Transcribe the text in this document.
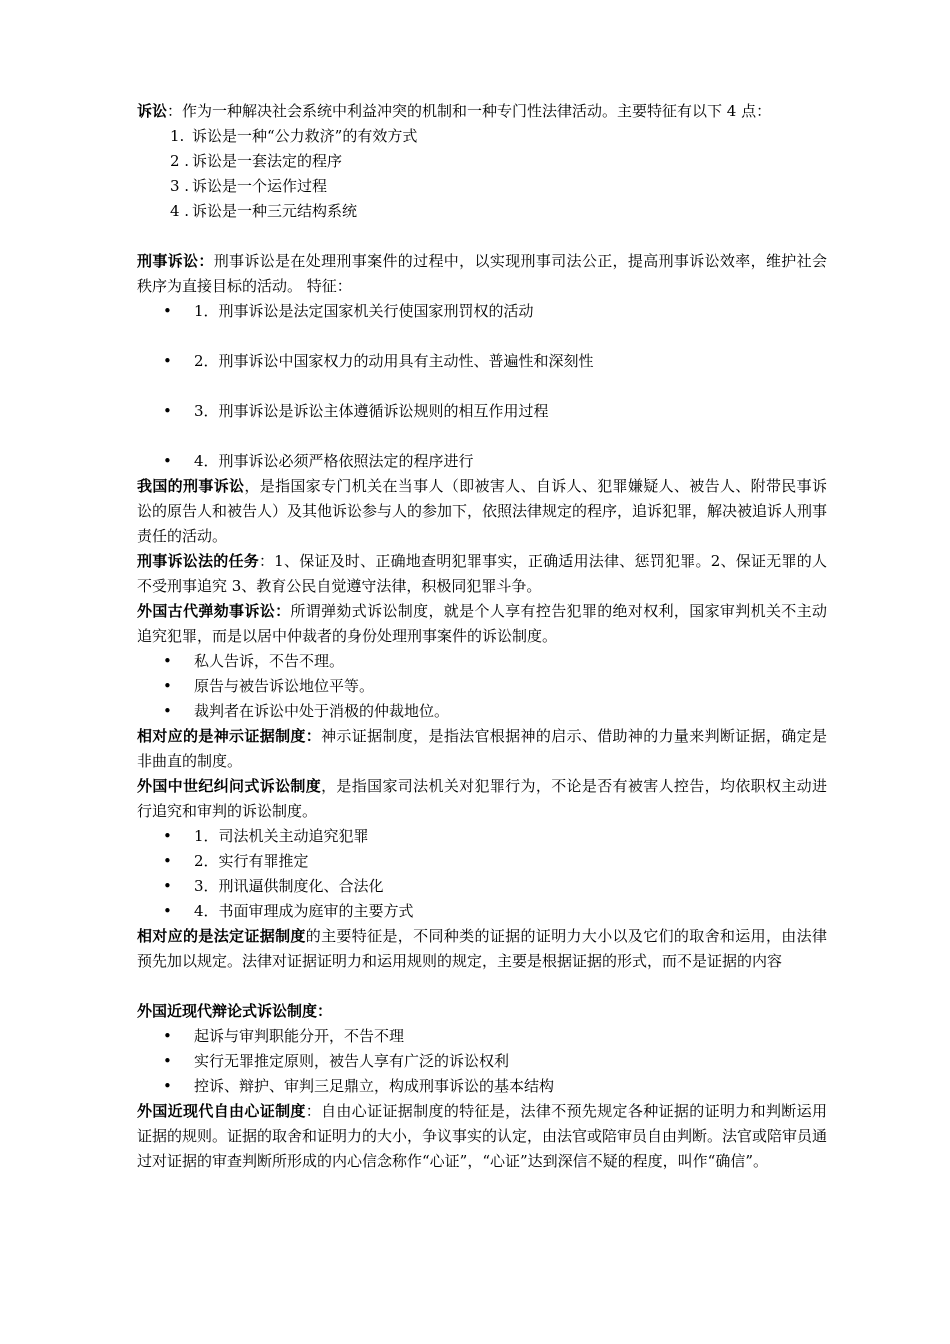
诉讼：作为一种解决社会系统中利益冲突的机制和一种专门性法律活动。主要特征有以下 4 点：

1. 诉讼是一种“公力救济”的有效方式
2 . 诉讼是一套法定的程序
3 . 诉讼是一个运作过程
4 . 诉讼是一种三元结构系统

刑事诉讼：刑事诉讼是在处理刑事案件的过程中，以实现刑事司法公正，提高刑事诉讼效率，维护社会秩序为直接目标的活动。 特征：

• 1．刑事诉讼是法定国家机关行使国家刑罚权的活动
• 2．刑事诉讼中国家权力的动用具有主动性、普遍性和深刻性
• 3．刑事诉讼是诉讼主体遵循诉讼规则的相互作用过程
• 4．刑事诉讼必须严格依照法定的程序进行

我国的刑事诉讼，是指国家专门机关在当事人（即被害人、自诉人、犯罪嫌疑人、被告人、附带民事诉讼的原告人和被告人）及其他诉讼参与人的参加下，依照法律规定的程序，追诉犯罪，解决被追诉人刑事责任的活动。

刑事诉讼法的任务：1、保证及时、正确地查明犯罪事实，正确适用法律、惩罚犯罪。2、保证无罪的人不受刑事追究 3、教育公民自觉遵守法律，积极同犯罪斗争。

外国古代弹劾事诉讼：所谓弹劾式诉讼制度，就是个人享有控告犯罪的绝对权利，国家审判机关不主动追究犯罪，而是以居中仲裁者的身份处理刑事案件的诉讼制度。

• 私人告诉，不告不理。
• 原告与被告诉讼地位平等。
• 裁判者在诉讼中处于消极的仲裁地位。

相对应的是神示证据制度：神示证据制度，是指法官根据神的启示、借助神的力量来判断证据，确定是非曲直的制度。

外国中世纪纠问式诉讼制度，是指国家司法机关对犯罪行为，不论是否有被害人控告，均依职权主动进行追究和审判的诉讼制度。

• 1．司法机关主动追究犯罪
• 2．实行有罪推定
• 3．刑讯逼供制度化、合法化
• 4．书面审理成为庭审的主要方式

相对应的是法定证据制度的主要特征是，不同种类的证据的证明力大小以及它们的取舍和运用，由法律预先加以规定。法律对证据证明力和运用规则的规定，主要是根据证据的形式，而不是证据的内容

外国近现代辩论式诉讼制度：

• 起诉与审判职能分开，不告不理
• 实行无罪推定原则，被告人享有广泛的诉讼权利
• 控诉、辩护、审判三足鼎立，构成刑事诉讼的基本结构

外国近现代自由心证制度：自由心证证据制度的特征是，法律不预先规定各种证据的证明力和判断运用证据的规则。证据的取舍和证明力的大小，争议事实的认定，由法官或陪审员自由判断。法官或陪审员通过对证据的审查判断所形成的内心信念称作“心证”，“心证”达到深信不疑的程度，叫作“确信”。
